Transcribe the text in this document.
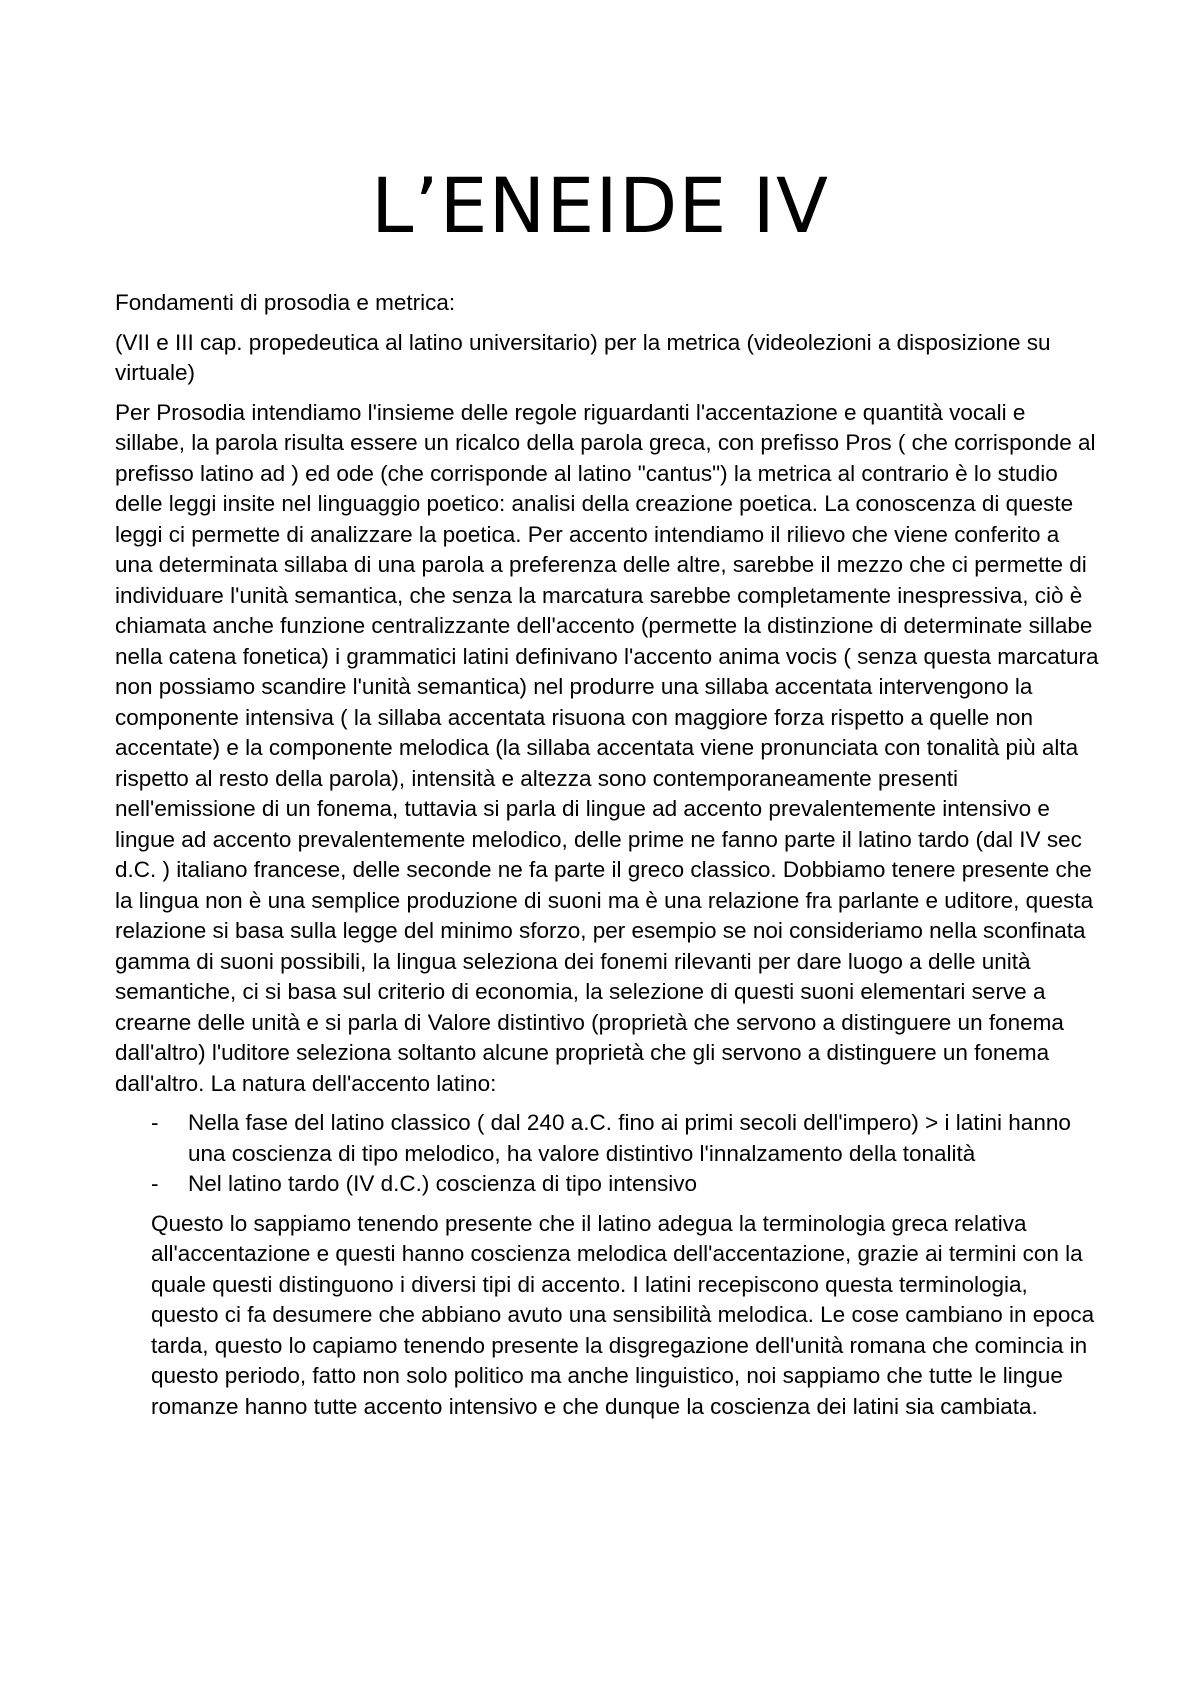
L’ENEIDE IV

Fondamenti di prosodia e metrica:

(VII e III cap. propedeutica al latino universitario) per la metrica (videolezioni a disposizione su virtuale)

Per Prosodia intendiamo l'insieme delle regole riguardanti l'accentazione e quantità vocali e sillabe, la parola risulta essere un ricalco della parola greca, con prefisso Pros ( che corrisponde al prefisso latino ad ) ed ode (che corrisponde al latino "cantus") la metrica al contrario è lo studio delle leggi insite nel linguaggio poetico: analisi della creazione poetica. La conoscenza di queste leggi ci permette di analizzare la poetica. Per accento intendiamo il rilievo che viene conferito a una determinata sillaba di una parola a preferenza delle altre, sarebbe il mezzo che ci permette di individuare l'unità semantica, che senza la marcatura sarebbe completamente inespressiva, ciò è chiamata anche funzione centralizzante dell'accento (permette la distinzione di determinate sillabe nella catena fonetica) i grammatici latini definivano l'accento anima vocis ( senza questa marcatura non possiamo scandire l'unità semantica) nel produrre una sillaba accentata intervengono la componente intensiva ( la sillaba accentata risuona con maggiore forza rispetto a quelle non accentate) e la componente melodica (la sillaba accentata viene pronunciata con tonalità più alta rispetto al resto della parola), intensità e altezza sono contemporaneamente presenti nell'emissione di un fonema, tuttavia si parla di lingue ad accento prevalentemente intensivo e lingue ad accento prevalentemente melodico, delle prime ne fanno parte il latino tardo (dal IV sec d.C. ) italiano francese, delle seconde ne fa parte il greco classico. Dobbiamo tenere presente che la lingua non è una semplice produzione di suoni ma è una relazione fra parlante e uditore, questa relazione si basa sulla legge del minimo sforzo, per esempio se noi consideriamo nella sconfinata gamma di suoni possibili, la lingua seleziona dei fonemi rilevanti per dare luogo a delle unità semantiche, ci si basa sul criterio di economia, la selezione di questi suoni elementari serve a crearne delle unità e si parla di Valore distintivo (proprietà che servono a distinguere un fonema dall'altro) l'uditore seleziona soltanto alcune proprietà che gli servono a distinguere un fonema dall'altro. La natura dell'accento latino:

- Nella fase del latino classico ( dal 240 a.C. fino ai primi secoli dell'impero) > i latini hanno una coscienza di tipo melodico, ha valore distintivo l'innalzamento della tonalità
- Nel latino tardo (IV d.C.) coscienza di tipo intensivo

Questo lo sappiamo tenendo presente che il latino adegua la terminologia greca relativa all'accentazione e questi hanno coscienza melodica dell'accentazione, grazie ai termini con la quale questi distinguono i diversi tipi di accento. I latini recepiscono questa terminologia, questo ci fa desumere che abbiano avuto una sensibilità melodica. Le cose cambiano in epoca tarda, questo lo capiamo tenendo presente la disgregazione dell'unità romana che comincia in questo periodo, fatto non solo politico ma anche linguistico, noi sappiamo che tutte le lingue romanze hanno tutte accento intensivo e che dunque la coscienza dei latini sia cambiata.
